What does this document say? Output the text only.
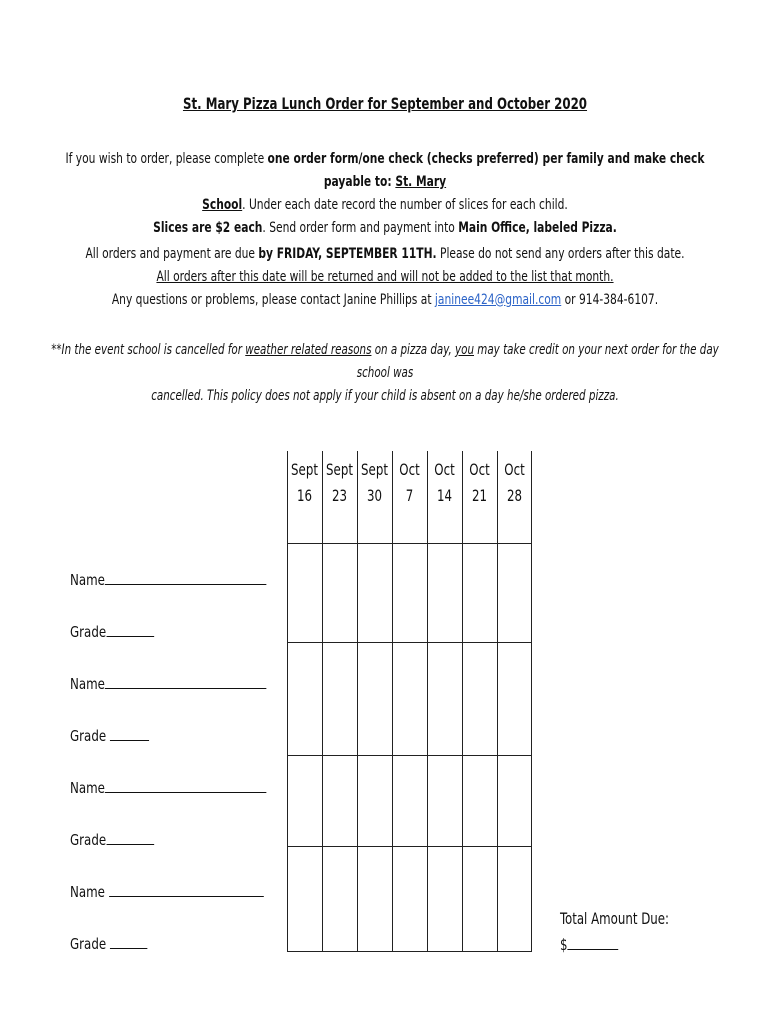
St. Mary Pizza Lunch Order for September and October 2020
If you wish to order, please complete one order form/one check (checks preferred) per family and make check payable to: St. Mary
School. Under each date record the number of slices for each child.
Slices are $2 each. Send order form and payment into Main Office, labeled Pizza.
All orders and payment are due by FRIDAY, SEPTEMBER 11TH. Please do not send any orders after this date.
All orders after this date will be returned and will not be added to the list that month.
Any questions or problems, please contact Janine Phillips at janinee424@gmail.com or 914-384-6107.
**In the event school is cancelled for weather related reasons on a pizza day, you may take credit on your next order for the day school was
cancelled. This policy does not apply if your child is absent on a day he/she ordered pizza.
Sept
16
Sept
23
Sept
30
Oct
7
Oct
14
Oct
21
Oct
28
Name
Grade
Name
Grade
Name
Grade
Name
Grade
Total Amount Due:
$
